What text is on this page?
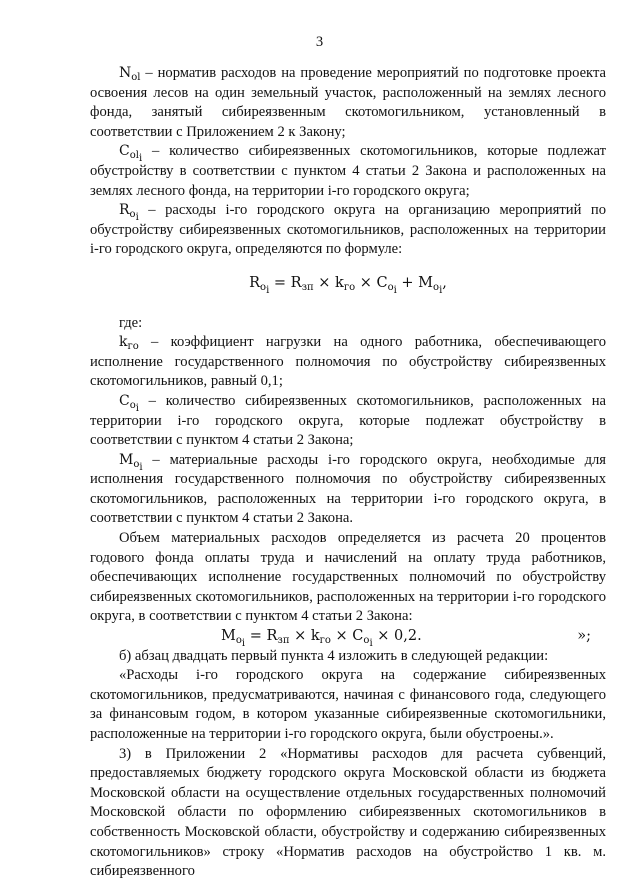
3

$N_{ol}$ – норматив расходов на проведение мероприятий по подготовке проекта освоения лесов на один земельный участок, расположенный на землях лесного фонда, занятый сибиреязвенным скотомогильником, установленный в соответствии с Приложением 2 к Закону;

$C_{ol_i}$ – количество сибиреязвенных скотомогильников, которые подлежат обустройству в соответствии с пунктом 4 статьи 2 Закона и расположенных на землях лесного фонда, на территории i-го городского округа;

$R_{o_i}$ – расходы i-го городского округа на организацию мероприятий по обустройству сибиреязвенных скотомогильников, расположенных на территории i-го городского округа, определяются по формуле:

$R_{o_i} = R_{зп} \times k_{го} \times C_{o_i} + M_{o_i}$,

где:

$k_{го}$ – коэффициент нагрузки на одного работника, обеспечивающего исполнение государственного полномочия по обустройству сибиреязвенных скотомогильников, равный 0,1;

$C_{o_i}$ – количество сибиреязвенных скотомогильников, расположенных на территории i-го городского округа, которые подлежат обустройству в соответствии с пунктом 4 статьи 2 Закона;

$M_{o_i}$ – материальные расходы i-го городского округа, необходимые для исполнения государственного полномочия по обустройству сибиреязвенных скотомогильников, расположенных на территории i-го городского округа, в соответствии с пунктом 4 статьи 2 Закона.

Объем материальных расходов определяется из расчета 20 процентов годового фонда оплаты труда и начислений на оплату труда работников, обеспечивающих исполнение государственных полномочий по обустройству сибиреязвенных скотомогильников, расположенных на территории i-го городского округа, в соответствии с пунктом 4 статьи 2 Закона:

$M_{o_i} = R_{зп} \times k_{го} \times C_{o_i} \times 0,2$.	»;

б) абзац двадцать первый пункта 4 изложить в следующей редакции:

«Расходы i-го городского округа на содержание сибиреязвенных скотомогильников, предусматриваются, начиная с финансового года, следующего за финансовым годом, в котором указанные сибиреязвенные скотомогильники, расположенные на территории i-го городского округа, были обустроены.».

3) в Приложении 2 «Нормативы расходов для расчета субвенций, предоставляемых бюджету городского округа Московской области из бюджета Московской области на осуществление отдельных государственных полномочий Московской области по оформлению сибиреязвенных скотомогильников в собственность Московской области, обустройству и содержанию сибиреязвенных скотомогильников» строку «Норматив расходов на обустройство 1 кв. м. сибиреязвенного
